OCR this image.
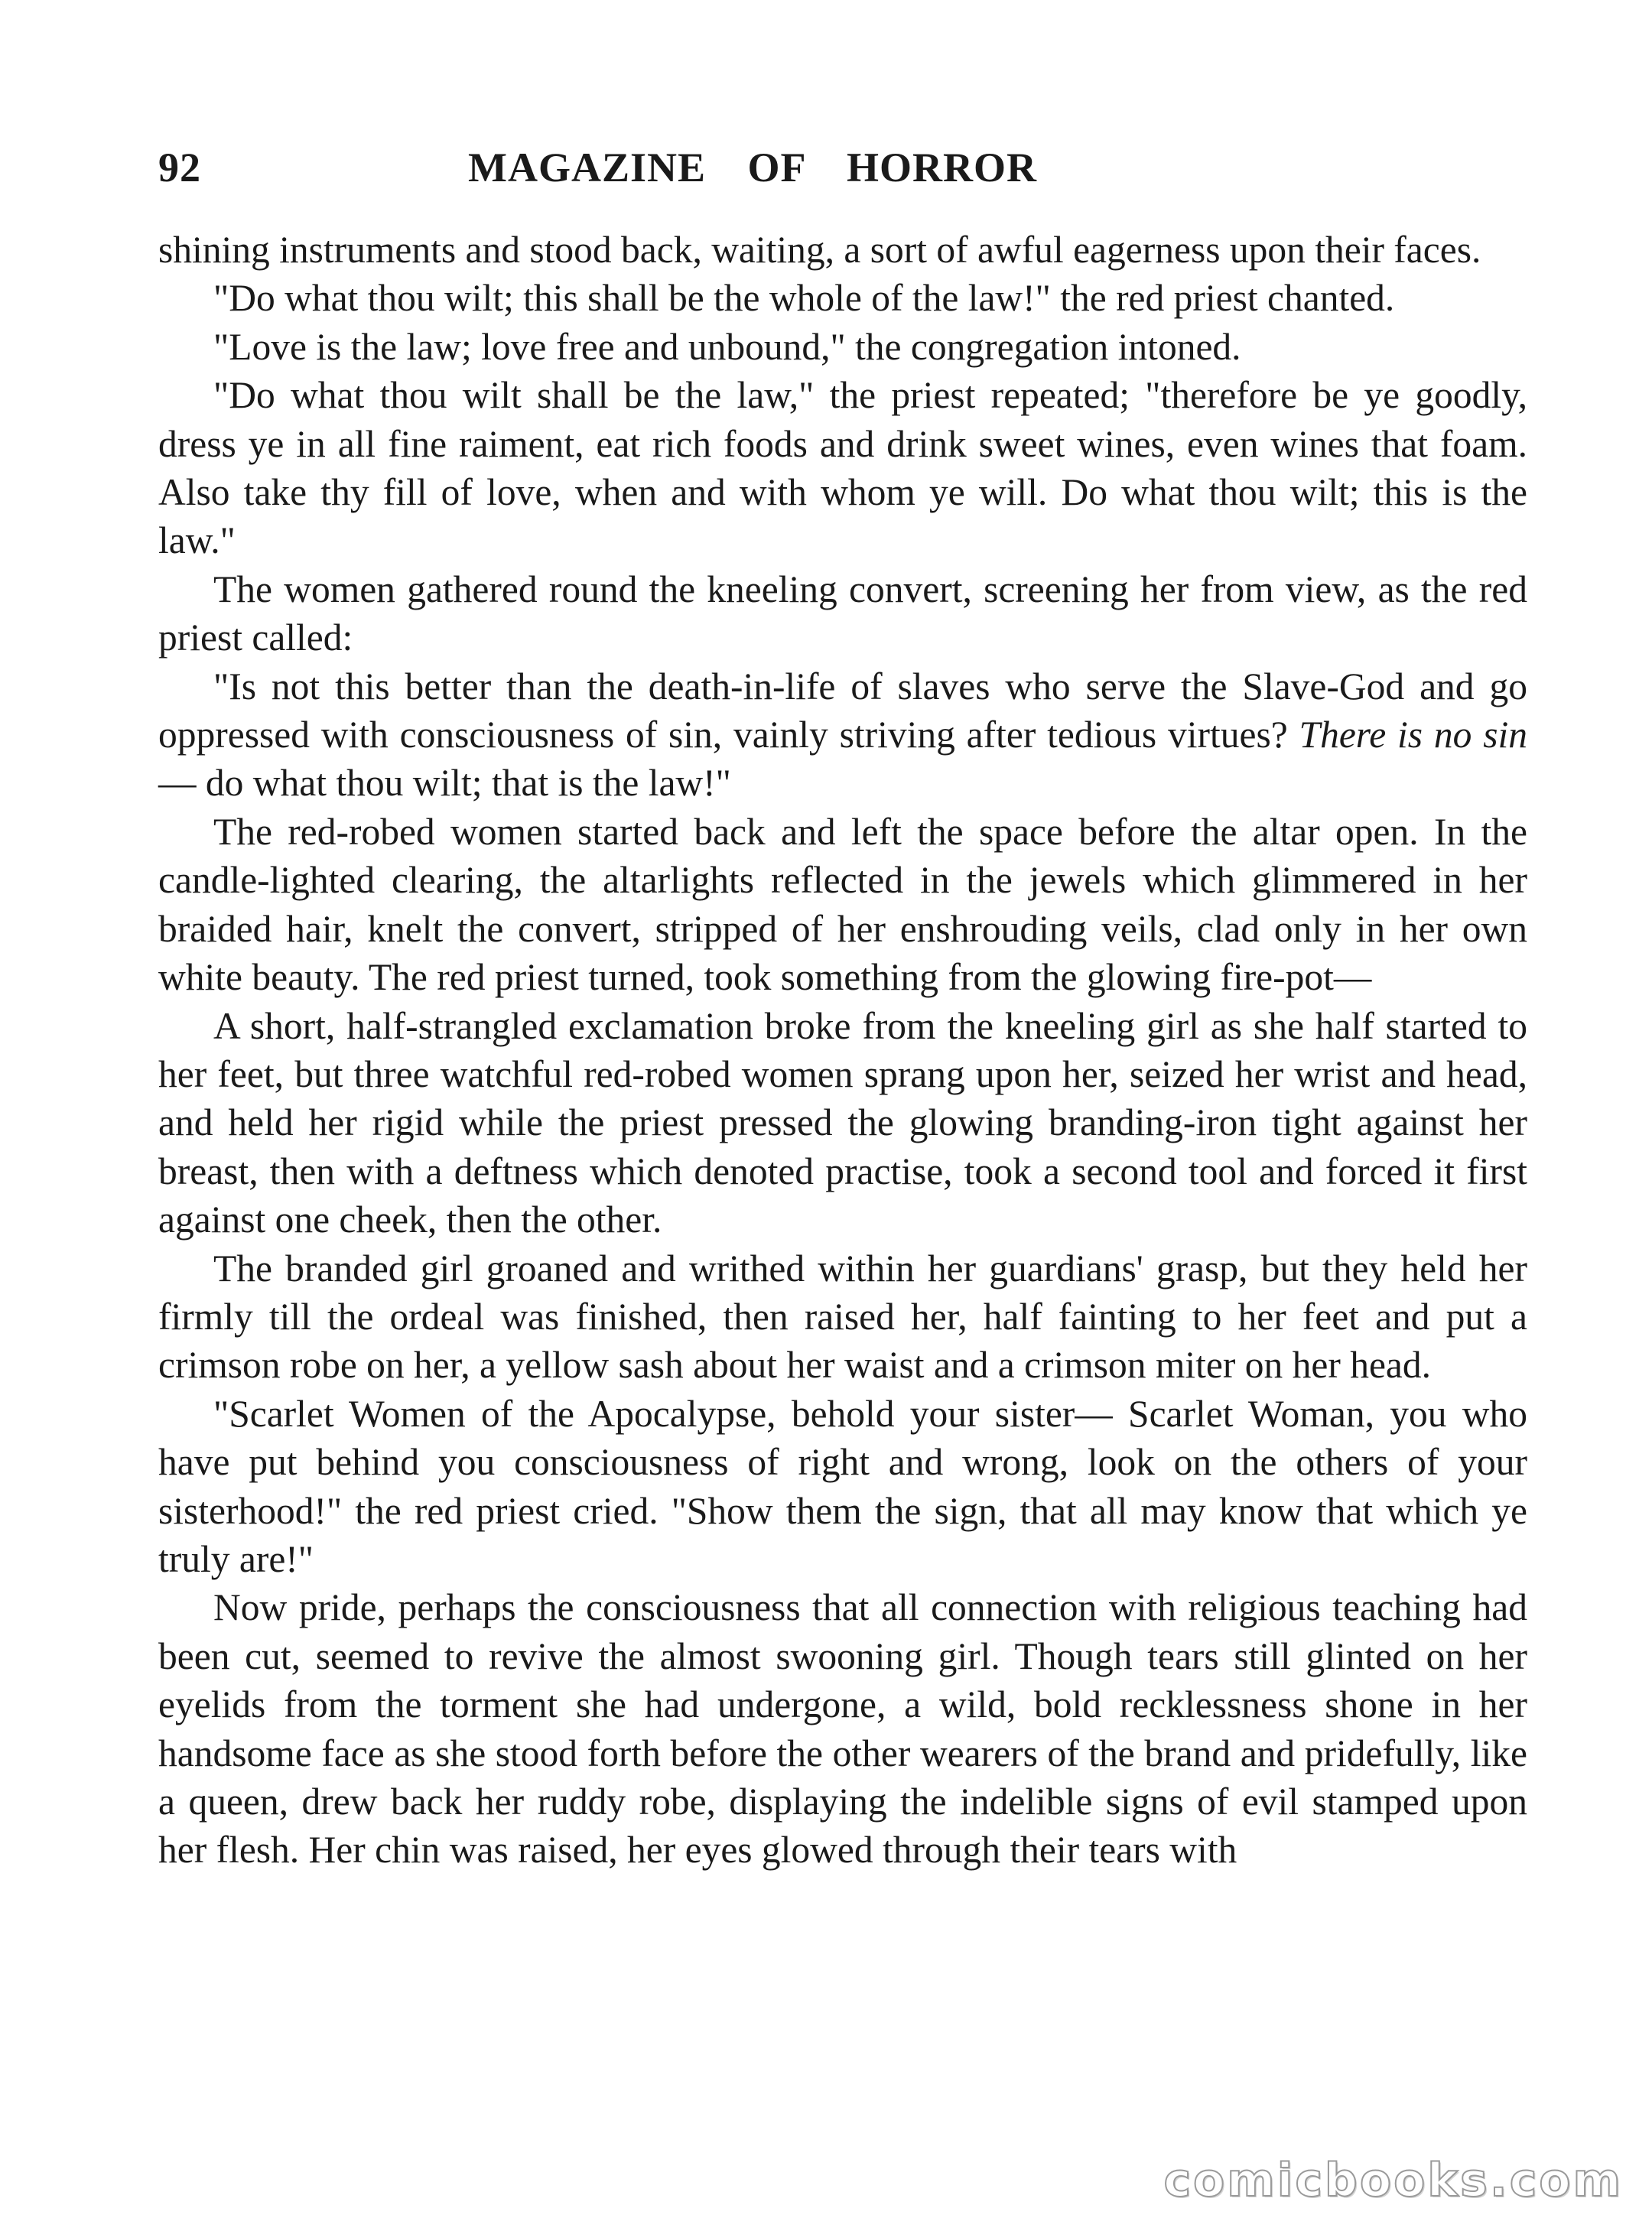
92	MAGAZINE OF HORROR

shining instruments and stood back, waiting, a sort of awful eagerness upon their faces.

"Do what thou wilt; this shall be the whole of the law!" the red priest chanted.

"Love is the law; love free and unbound," the congregation intoned.

"Do what thou wilt shall be the law," the priest repeated; "therefore be ye goodly, dress ye in all fine raiment, eat rich foods and drink sweet wines, even wines that foam. Also take thy fill of love, when and with whom ye will. Do what thou wilt; this is the law."

The women gathered round the kneeling convert, screening her from view, as the red priest called:

"Is not this better than the death-in-life of slaves who serve the Slave-God and go oppressed with consciousness of sin, vainly striving after tedious virtues? There is no sin— do what thou wilt; that is the law!"

The red-robed women started back and left the space before the altar open. In the candle-lighted clearing, the altarlights reflected in the jewels which glimmered in her braided hair, knelt the convert, stripped of her enshrouding veils, clad only in her own white beauty. The red priest turned, took something from the glowing fire-pot—

A short, half-strangled exclamation broke from the kneeling girl as she half started to her feet, but three watchful red-robed women sprang upon her, seized her wrist and head, and held her rigid while the priest pressed the glowing branding-iron tight against her breast, then with a deftness which denoted practise, took a second tool and forced it first against one cheek, then the other.

The branded girl groaned and writhed within her guardians' grasp, but they held her firmly till the ordeal was finished, then raised her, half fainting to her feet and put a crimson robe on her, a yellow sash about her waist and a crimson miter on her head.

"Scarlet Women of the Apocalypse, behold your sister— Scarlet Woman, you who have put behind you consciousness of right and wrong, look on the others of your sisterhood!" the red priest cried. "Show them the sign, that all may know that which ye truly are!"

Now pride, perhaps the consciousness that all connection with religious teaching had been cut, seemed to revive the almost swooning girl. Though tears still glinted on her eyelids from the torment she had undergone, a wild, bold recklessness shone in her handsome face as she stood forth before the other wearers of the brand and pridefully, like a queen, drew back her ruddy robe, displaying the indelible signs of evil stamped upon her flesh. Her chin was raised, her eyes glowed through their tears with

comicbooks.com
